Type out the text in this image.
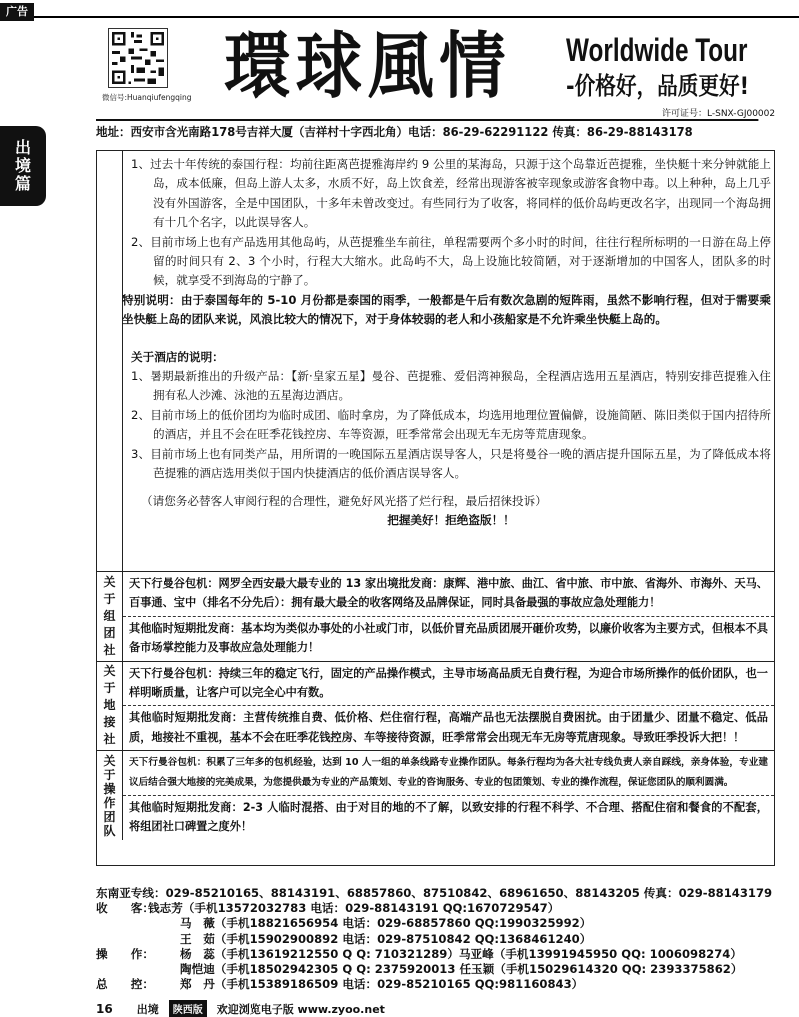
广告
出
境
篇
微信号:Huanqiufengqing 環球風情 Worldwide Tour
-价格好，品质更好!
许可证号：L-SNX-GJ00002
地址：西安市含光南路178号吉祥大厦（吉祥村十字西北角）电话：86-29-62291122 传真：86-29-88143178

1、过去十年传统的泰国行程：均前往距离芭提雅海岸约 9 公里的某海岛，只源于这个岛靠近芭提雅，坐快艇十来分钟就能上岛，成本低廉，但岛上游人太多，水质不好，岛上饮食差，经常出现游客被宰现象或游客食物中毒。以上种种，岛上几乎没有外国游客，全是中国团队，十多年未曾改变过。有些同行为了收客，将同样的低价岛屿更改名字，出现同一个海岛拥有十几个名字，以此误导客人。

2、目前市场上也有产品选用其他岛屿，从芭提雅坐车前往，单程需要两个多小时的时间，往往行程所标明的一日游在岛上停留的时间只有 2、3 个小时，行程大大缩水。此岛屿不大，岛上设施比较简陋，对于逐渐增加的中国客人，团队多的时候，就享受不到海岛的宁静了。

特别说明：由于泰国每年的 5-10 月份都是泰国的雨季，一般都是午后有数次急剧的短阵雨，虽然不影响行程，但对于需要乘坐快艇上岛的团队来说，风浪比较大的情况下，对于身体较弱的老人和小孩船家是不允许乘坐快艇上岛的。

关于酒店的说明：

1、暑期最新推出的升级产品：【新·皇家五星】曼谷、芭提雅、爱侣湾神猴岛，全程酒店选用五星酒店，特别安排芭提雅入住拥有私人沙滩、泳池的五星海边酒店。

2、目前市场上的低价团均为临时成团、临时拿房，为了降低成本，均选用地理位置偏僻，设施简陋、陈旧类似于国内招待所的酒店，并且不会在旺季花钱控房、车等资源，旺季常常会出现无车无房等荒唐现象。

3、目前市场上也有同类产品，用所谓的一晚国际五星酒店误导客人，只是将曼谷一晚的酒店提升国际五星，为了降低成本将芭提雅的酒店选用类似于国内快捷酒店的低价酒店误导客人。

（请您务必替客人审阅行程的合理性，避免好风光搭了烂行程，最后招徕投诉）

把握美好！拒绝盗版！！

关
于
组
团
社
天下行曼谷包机：网罗全西安最大最专业的 13 家出境批发商：康辉、港中旅、曲江、省中旅、市中旅、省海外、市海外、天马、百事通、宝中（排名不分先后）：拥有最大最全的收客网络及品牌保证，同时具备最强的事故应急处理能力！
其他临时短期批发商：基本均为类似办事处的小社或门市，以低价冒充品质团展开砸价攻势，以廉价收客为主要方式，但根本不具备市场掌控能力及事故应急处理能力！
关
于
地
接
社
天下行曼谷包机：持续三年的稳定飞行，固定的产品操作模式，主导市场高品质无自费行程，为迎合市场所操作的低价团队，也一样明晰质量，让客户可以完全心中有数。
其他临时短期批发商：主营传统推自费、低价格、烂住宿行程，高端产品也无法摆脱自费困扰。由于团量少、团量不稳定、低品质，地接社不重视，基本不会在旺季花钱控房、车等接待资源，旺季常常会出现无车无房等荒唐现象。导致旺季投诉大把！！
关
于
操
作
团
队
天下行曼谷包机：积累了三年多的包机经验，达到 10 人一组的单条线路专业操作团队。每条行程均为各大社专线负责人亲自踩线，亲身体验，专业建议后结合强大地接的完美成果，为您提供最为专业的产品策划、专业的咨询服务、专业的包团策划、专业的操作流程，保证您团队的顺利圆满。
其他临时短期批发商：2-3 人临时混搭、由于对目的地的不了解，以致安排的行程不科学、不合理、搭配住宿和餐食的不配套，将组团社口碑置之度外！
东南亚专线：029-85210165、88143191、68857860、87510842、68961650、88143205 传真：029-88143179
收　　客：
钱志芳（手机13572032783 电话：029-88143191 QQ:1670729547）
马　薇（手机18821656954 电话：029-68857860 QQ:1990325992）
王　茹（手机15902900892 电话：029-87510842 QQ:1368461240）
操　　作： 杨　蕊（手机13619212550 Q Q: 710321289）马亚峰（手机13991945950 QQ: 1006098274）
陶恺迪（手机18502942305 Q Q: 2375920013 任玉颖（手机15029614320 QQ: 2393375862）
总　　控： 郑　丹（手机15389186509 电话：029-85210165 QQ:981160843）
16 出境	陕西版	欢迎浏览电子版 www.zyoo.net
